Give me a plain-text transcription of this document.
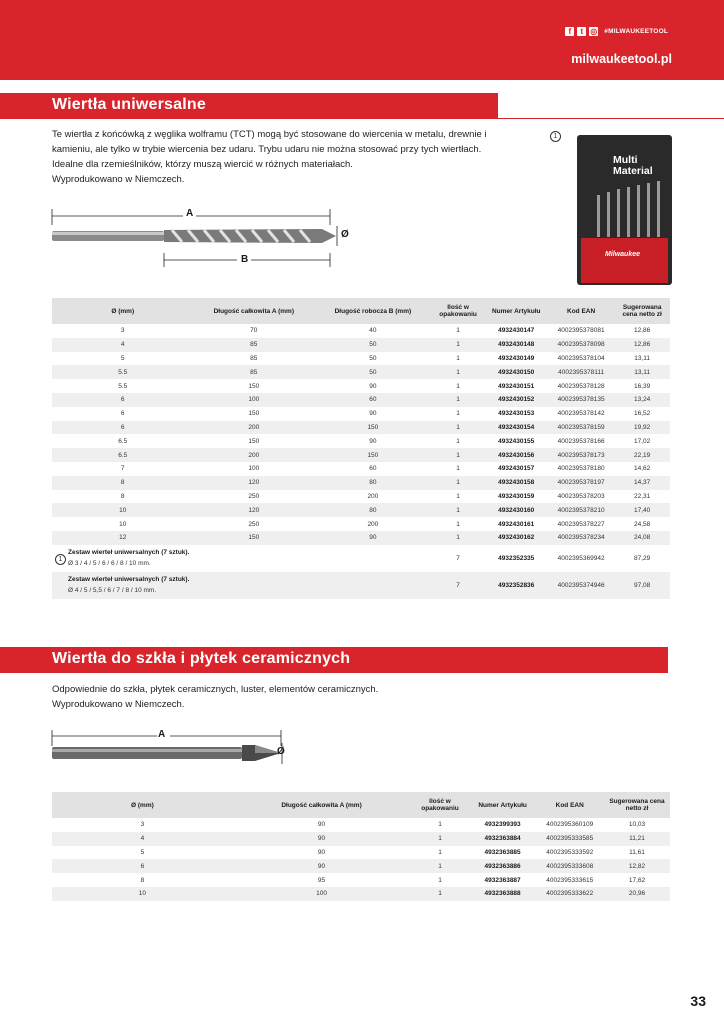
f	t ◎ #MILWAUKEETOOL
milwaukeetool.pl
Wiertła uniwersalne
Te wiertła z końcówką z węglika wolframu (TCT) mogą być stosowane do wiercenia w metalu, drewnie i
kamieniu, ale tylko w trybie wiercenia bez udaru. Trybu udaru nie można stosować przy tych wiertłach.
Idealne dla rzemieślników, którzy muszą wiercić w różnych materiałach.
Wyprodukowano w Niemczech.
1
Multi
Material
Milwaukee
A
Ø
B
Ø (mm)	Długość całkowita A (mm)	Długość robocza B (mm)	Ilość w opakowaniu	Numer Artykułu	Kod EAN	Sugerowana cena netto zł
3	70	40	1	4932430147	4002395378081	12,86
4	85	50	1	4932430148	4002395378098	12,86
5	85	50	1	4932430149	4002395378104	13,11
5.5	85	50	1	4932430150	4002395378111	13,11
5.5	150	90	1	4932430151	4002395378128	16,39
6	100	60	1	4932430152	4002395378135	13,24
6	150	90	1	4932430153	4002395378142	16,52
6	200	150	1	4932430154	4002395378159	19,92
6.5	150	90	1	4932430155	4002395378166	17,02
6.5	200	150	1	4932430156	4002395378173	22,19
7	100	60	1	4932430157	4002395378180	14,62
8	120	80	1	4932430158	4002395378197	14,37
8	250	200	1	4932430159	4002395378203	22,31
10	120	80	1	4932430160	4002395378210	17,40
10	250	200	1	4932430161	4002395378227	24,58
12	150	90	1	4932430162	4002395378234	24,08

1
Zestaw wierteł uniwersalnych (7 sztuk).
Ø 3 / 4 / 5 / 6 / 6 / 8 / 10 mm.			7	4932352335	4002395369942	87,29

Zestaw wierteł uniwersalnych (7 sztuk).
Ø 4 / 5 / 5,5 / 6 / 7 / 8 / 10 mm.			7	4932352836	4002395374946	97,08
Wiertła do szkła i płytek ceramicznych
Odpowiednie do szkła, płytek ceramicznych, luster, elementów ceramicznych.
Wyprodukowano w Niemczech.
A
Ø
Ø (mm)	Długość całkowita A (mm)	Ilość w opakowaniu	Numer Artykułu	Kod EAN	Sugerowana cena netto zł
3	90	1	4932399393	4002395360109	10,03
4	90	1	4932363884	4002395333585	11,21
5	90	1	4932363885	4002395333592	11,61
6	90	1	4932363886	4002395333608	12,82
8	95	1	4932363887	4002395333615	17,62
10	100	1	4932363888	4002395333622	20,96
33
